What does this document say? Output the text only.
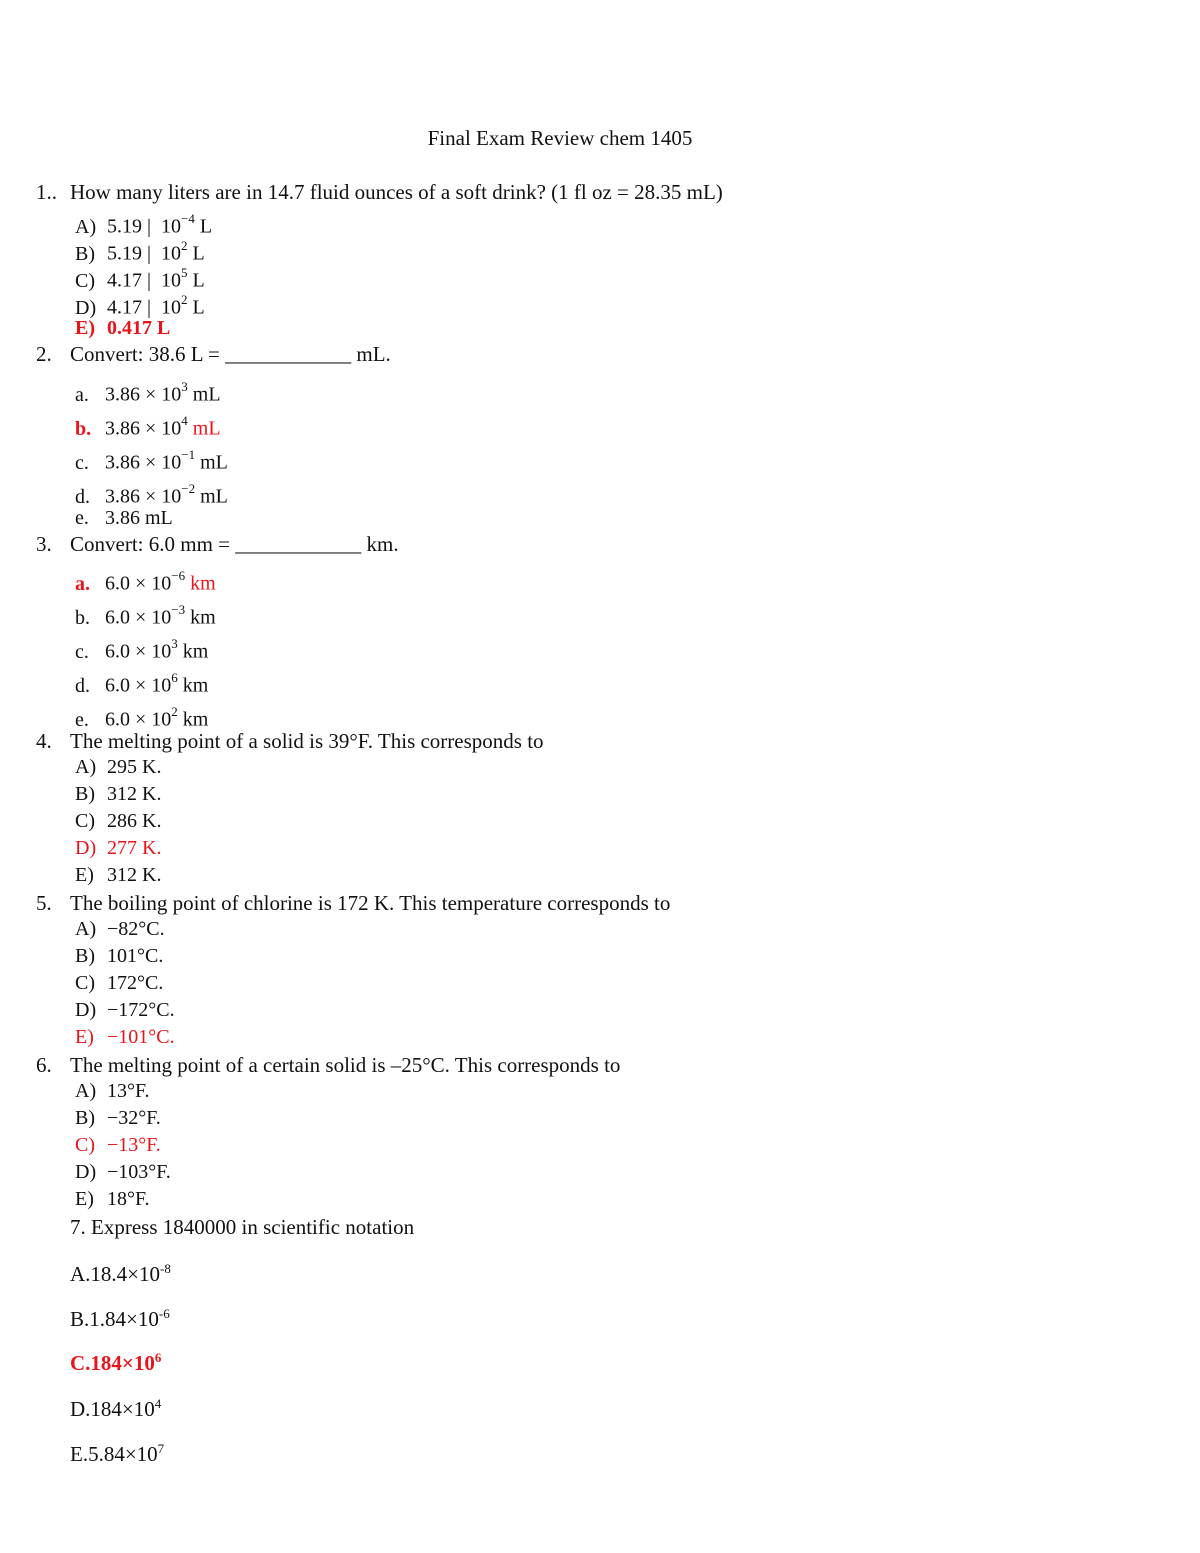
Final Exam Review chem 1405
1.. How many liters are in 14.7 fluid ounces of a soft drink? (1 fl oz = 28.35 mL)
A) 5.19 | $10^{-4}$ L
B) 5.19 | $10^2$ L
C) 4.17 | $10^5$ L
D) 4.17 | $10^2$ L
E) 0.417 L
2. Convert: 38.6 L = ____________ mL.
a. $3.86 \times 10^3$ mL
b. $3.86 \times 10^4$ mL
c. $3.86 \times 10^{-1}$ mL
d. $3.86 \times 10^{-2}$ mL
e. 3.86 mL
3. Convert: 6.0 mm = ____________ km.
a. $6.0 \times 10^{-6}$ km
b. $6.0 \times 10^{-3}$ km
c. $6.0 \times 10^3$ km
d. $6.0 \times 10^6$ km
e. $6.0 \times 10^2$ km
4. The melting point of a solid is 39°F. This corresponds to
A) 295 K.
B) 312 K.
C) 286 K.
D) 277 K.
E) 312 K.
5. The boiling point of chlorine is 172 K. This temperature corresponds to
A) −82°C.
B) 101°C.
C) 172°C.
D) −172°C.
E) −101°C.
6. The melting point of a certain solid is –25°C. This corresponds to
A) 13°F.
B) −32°F.
C) −13°F.
D) −103°F.
E) 18°F.
7. Express 1840000 in scientific notation
$A.18.4\times 10^{-8}$
$B.1.84\times 10^{-6}$
$C.184\times 10^6$
$D.184\times 10^4$
$E.5.84\times 10^7$
